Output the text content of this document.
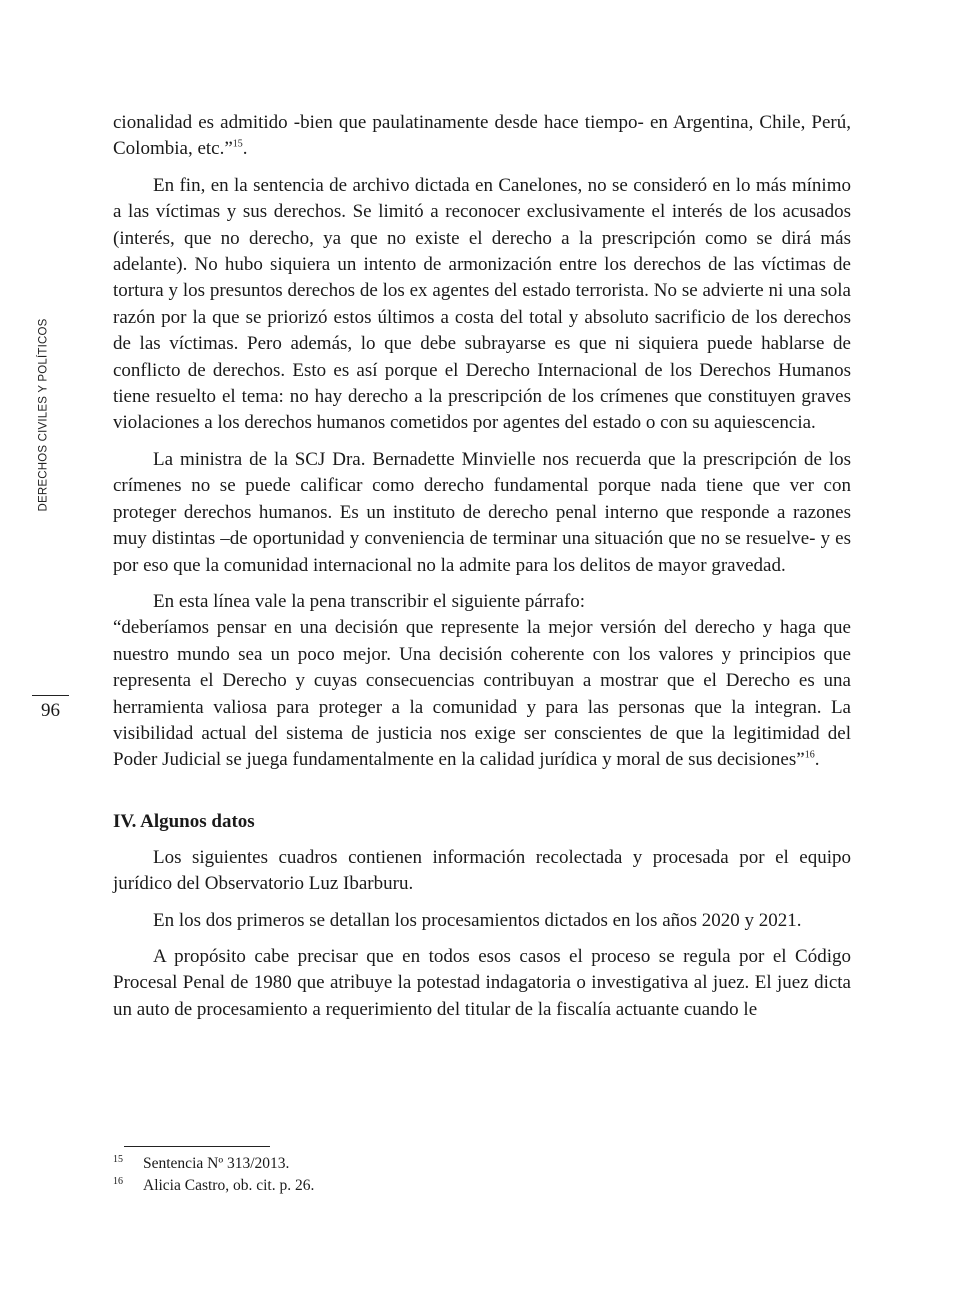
DERECHOS CIVILES Y POLÍTICOS
96

cionalidad es admitido -bien que paulatinamente desde hace tiempo- en Argentina, Chile, Perú, Colombia, etc.”$^{15}$.

En fin, en la sentencia de archivo dictada en Canelones, no se consideró en lo más mínimo a las víctimas y sus derechos. Se limitó a reconocer exclusivamente el interés de los acusados (interés, que no derecho, ya que no existe el derecho a la prescripción como se dirá más adelante). No hubo siquiera un intento de armonización entre los derechos de las víctimas de tortura y los presuntos derechos de los ex agentes del estado terrorista. No se advierte ni una sola razón por la que se priorizó estos últimos a costa del total y absoluto sacrificio de los derechos de las víctimas. Pero además, lo que debe subrayarse es que ni siquiera puede hablarse de conflicto de derechos. Esto es así porque el Derecho Internacional de los Derechos Humanos tiene resuelto el tema: no hay derecho a la prescripción de los crímenes que constituyen graves violaciones a los derechos humanos cometidos por agentes del estado o con su aquiescencia.

La ministra de la SCJ Dra. Bernadette Minvielle nos recuerda que la prescripción de los crímenes no se puede calificar como derecho fundamental porque nada tiene que ver con proteger derechos humanos. Es un instituto de derecho penal interno que responde a razones muy distintas –de oportunidad y conveniencia de terminar una situación que no se resuelve- y es por eso que la comunidad internacional no la admite para los delitos de mayor gravedad.

En esta línea vale la pena transcribir el siguiente párrafo:

“deberíamos pensar en una decisión que represente la mejor versión del derecho y haga que nuestro mundo sea un poco mejor. Una decisión coherente con los valores y principios que representa el Derecho y cuyas consecuencias contribuyan a mostrar que el Derecho es una herramienta valiosa para proteger a la comunidad y para las personas que la integran. La visibilidad actual del sistema de justicia nos exige ser conscientes de que la legitimidad del Poder Judicial se juega fundamentalmente en la calidad jurídica y moral de sus decisiones”$^{16}$.

IV. Algunos datos

Los siguientes cuadros contienen información recolectada y procesada por el equipo jurídico del Observatorio Luz Ibarburu.

En los dos primeros se detallan los procesamientos dictados en los años 2020 y 2021.

A propósito cabe precisar que en todos esos casos el proceso se regula por el Código Procesal Penal de 1980 que atribuye la potestad indagatoria o investigativa al juez. El juez dicta un auto de procesamiento a requerimiento del titular de la fiscalía actuante cuando le

15 Sentencia Nº 313/2013.
16 Alicia Castro, ob. cit. p. 26.
